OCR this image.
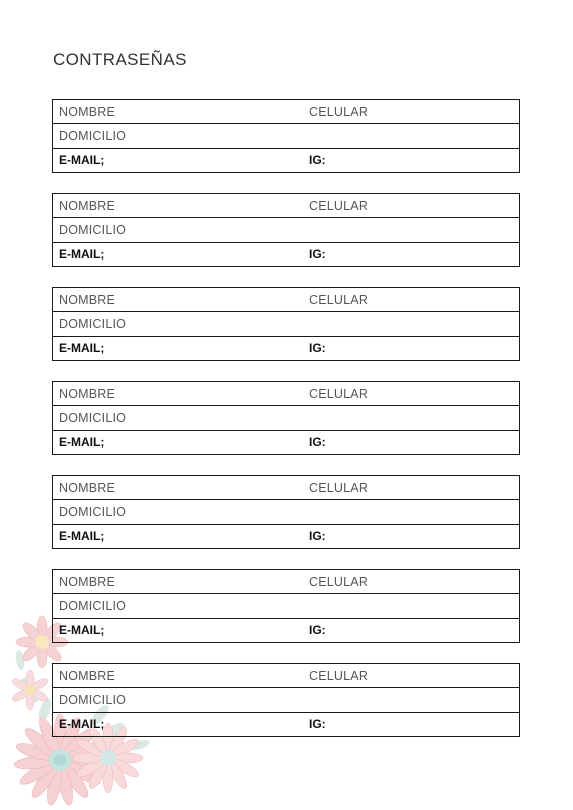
CONTRASEÑAS
NOMBRE	CELULAR
DOMICILIO
E-MAIL;	IG:
NOMBRE	CELULAR
DOMICILIO
E-MAIL;	IG:
NOMBRE	CELULAR
DOMICILIO
E-MAIL;	IG:
NOMBRE	CELULAR
DOMICILIO
E-MAIL;	IG:
NOMBRE	CELULAR
DOMICILIO
E-MAIL;	IG:
NOMBRE	CELULAR
DOMICILIO
E-MAIL;	IG:
NOMBRE	CELULAR
DOMICILIO
E-MAIL;	IG:
